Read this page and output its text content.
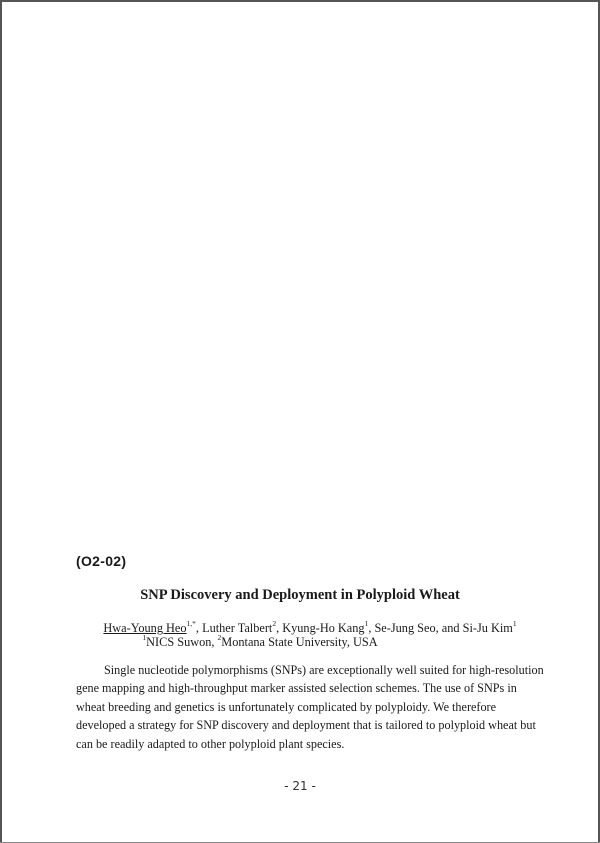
(O2-02)
SNP Discovery and Deployment in Polyploid Wheat
Hwa-Young Heo$^{1,*}$, Luther Talbert$^2$, Kyung-Ho Kang$^1$, Se-Jung Seo, and Si-Ju Kim$^1$
$^1$NICS Suwon, $^2$Montana State University, USA
Single nucleotide polymorphisms (SNPs) are exceptionally well suited for high-resolution
gene mapping and high-throughput marker assisted selection schemes. The use of SNPs in
wheat breeding and genetics is unfortunately complicated by polyploidy. We therefore
developed a strategy for SNP discovery and deployment that is tailored to polyploid wheat but
can be readily adapted to other polyploid plant species.
- 21 -
